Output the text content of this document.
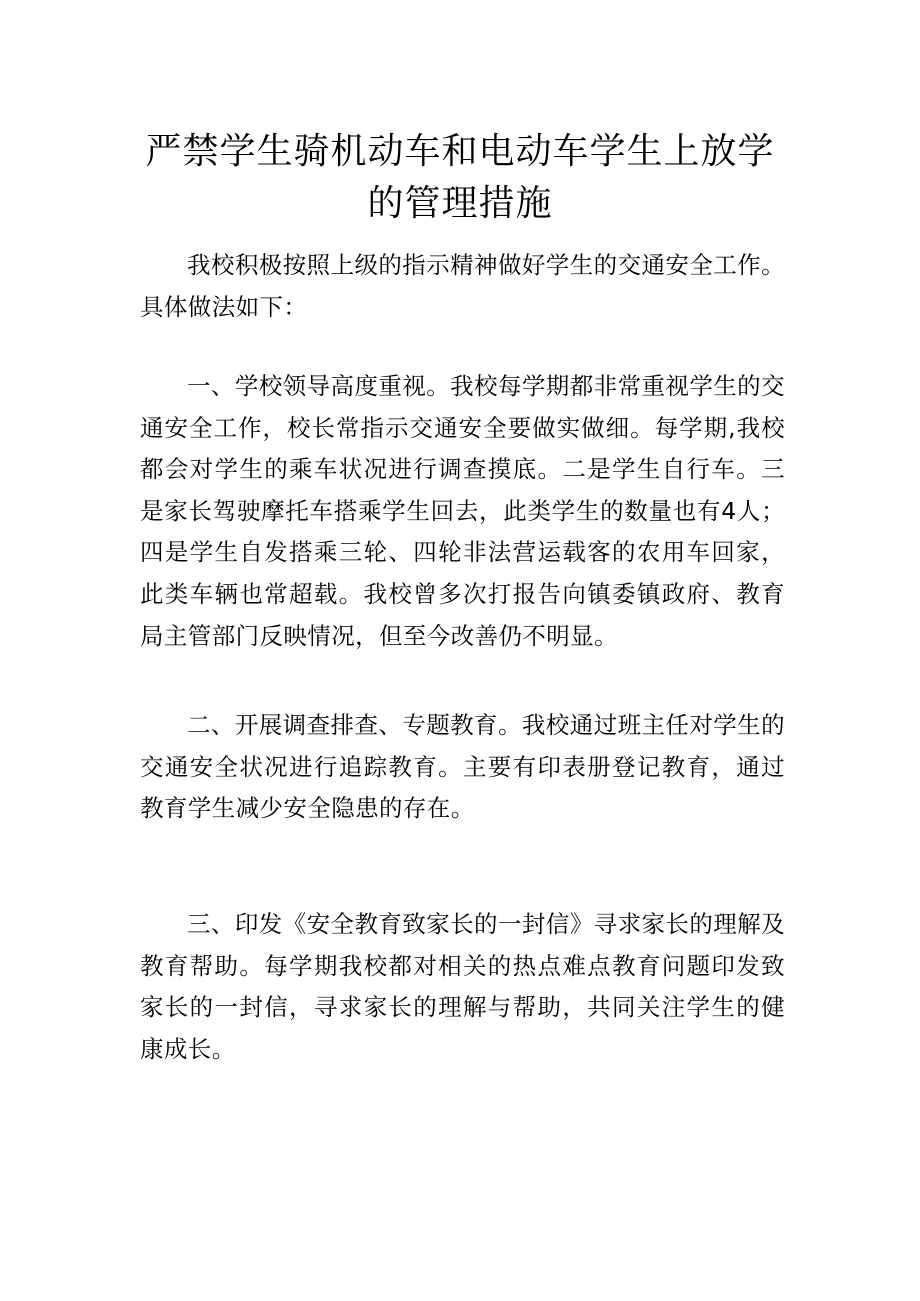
严禁学生骑机动车和电动车学生上放学
的管理措施

我校积极按照上级的指示精神做好学生的交通安全工作。具体做法如下：

一、学校领导高度重视。我校每学期都非常重视学生的交通安全工作，校长常指示交通安全要做实做细。每学期,我校都会对学生的乘车状况进行调查摸底。二是学生自行车。三是家长驾驶摩托车搭乘学生回去，此类学生的数量也有4人；四是学生自发搭乘三轮、四轮非法营运载客的农用车回家，此类车辆也常超载。我校曾多次打报告向镇委镇政府、教育局主管部门反映情况，但至今改善仍不明显。

二、开展调查排查、专题教育。我校通过班主任对学生的交通安全状况进行追踪教育。主要有印表册登记教育，通过教育学生减少安全隐患的存在。

三、印发《安全教育致家长的一封信》寻求家长的理解及教育帮助。每学期我校都对相关的热点难点教育问题印发致家长的一封信，寻求家长的理解与帮助，共同关注学生的健康成长。
